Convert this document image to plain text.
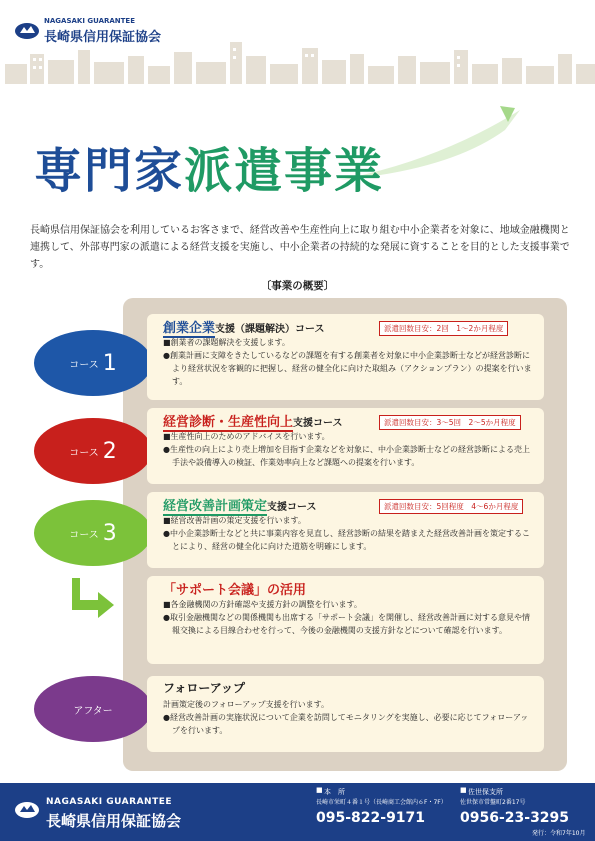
NAGASAKI GUARANTEE
長崎県信用保証協会
専門家派遣事業
長崎県信用保証協会を利用しているお客さまで、経営改善や生産性向上に取り組む中小企業者を対象に、地域金融機関と連携して、外部専門家の派遣による経営支援を実施し、中小企業者の持続的な発展に資することを目的とした支援事業です。
〔事業の概要〕
コース 1
創業企業支援（課題解決）コース	派遣回数目安：2回　1〜2か月程度
■創業者の課題解決を支援します。
●創業計画に支障をきたしているなどの課題を有する創業者を対象に中小企業診断士などが経営診断により経営状況を客観的に把握し、経営の健全化に向けた取組み（アクションプラン）の提案を行います。
コース 2
経営診断・生産性向上支援コース	派遣回数目安：3〜5回　2〜5か月程度
■生産性向上のためのアドバイスを行います。
●生産性の向上により売上増加を目指す企業などを対象に、中小企業診断士などの経営診断による売上手法や設備導入の検証、作業効率向上など課題への提案を行います。
コース 3
経営改善計画策定支援コース	派遣回数目安：5回程度　4〜6か月程度
■経営改善計画の策定支援を行います。
●中小企業診断士などと共に事業内容を見直し、経営診断の結果を踏まえた経営改善計画を策定することにより、経営の健全化に向けた道筋を明確にします。
「サポート会議」の活用
■各金融機関の方針確認や支援方針の調整を行います。
●取引金融機関などの関係機関も出席する「サポート会議」を開催し、経営改善計画に対する意見や情報交換による目線合わせを行って、今後の金融機関の支援方針などについて確認を行います。
アフター
フォローアップ
計画策定後のフォローアップ支援を行います。
●経営改善計画の実施状況について企業を訪問してモニタリングを実施し、必要に応じてフォローアップを行います。
NAGASAKI GUARANTEE
長崎県信用保証協会
■ 本　所
長崎市栄町４番１号（長崎商工会館内６F・7F）
095-822-9171
■ 佐世保支所
佐世保市常盤町2番17号
0956-23-3295
発行：令和7年10月
